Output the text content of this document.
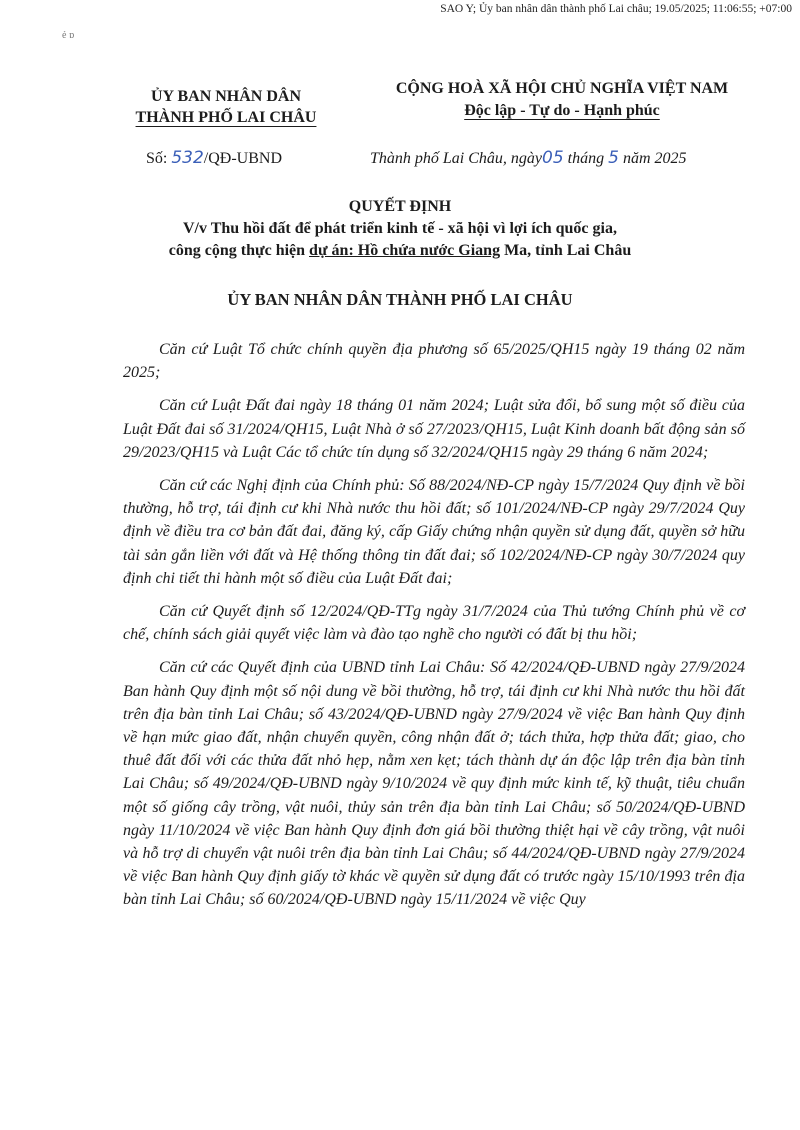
SAO Y; Ủy ban nhân dân thành phố Lai châu; 19.05/2025; 11:06:55; +07:00
ẻ ɒ
ỦY BAN NHÂN DÂN
THÀNH PHỐ LAI CHÂU
CỘNG HOÀ XÃ HỘI CHỦ NGHĨA VIỆT NAM
Độc lập - Tự do - Hạnh phúc
Số: 532/QĐ-UBND	Thành phố Lai Châu, ngày05 tháng 5 năm 2025
QUYẾT ĐỊNH
V/v Thu hồi đất để phát triển kinh tế - xã hội vì lợi ích quốc gia,
công cộng thực hiện dự án: Hồ chứa nước Giang Ma, tỉnh Lai Châu
ỦY BAN NHÂN DÂN THÀNH PHỐ LAI CHÂU

Căn cứ Luật Tổ chức chính quyền địa phương số 65/2025/QH15 ngày 19 tháng 02 năm 2025;

Căn cứ Luật Đất đai ngày 18 tháng 01 năm 2024; Luật sửa đổi, bổ sung một số điều của Luật Đất đai số 31/2024/QH15, Luật Nhà ở số 27/2023/QH15, Luật Kinh doanh bất động sản số 29/2023/QH15 và Luật Các tổ chức tín dụng số 32/2024/QH15 ngày 29 tháng 6 năm 2024;

Căn cứ các Nghị định của Chính phủ: Số 88/2024/NĐ-CP ngày 15/7/2024 Quy định về bồi thường, hỗ trợ, tái định cư khi Nhà nước thu hồi đất; số 101/2024/NĐ-CP ngày 29/7/2024 Quy định về điều tra cơ bản đất đai, đăng ký, cấp Giấy chứng nhận quyền sử dụng đất, quyền sở hữu tài sản gắn liền với đất và Hệ thống thông tin đất đai; số 102/2024/NĐ-CP ngày 30/7/2024 quy định chi tiết thi hành một số điều của Luật Đất đai;

Căn cứ Quyết định số 12/2024/QĐ-TTg ngày 31/7/2024 của Thủ tướng Chính phủ về cơ chế, chính sách giải quyết việc làm và đào tạo nghề cho người có đất bị thu hồi;

Căn cứ các Quyết định của UBND tỉnh Lai Châu: Số 42/2024/QĐ-UBND ngày 27/9/2024 Ban hành Quy định một số nội dung về bồi thường, hỗ trợ, tái định cư khi Nhà nước thu hồi đất trên địa bàn tỉnh Lai Châu; số 43/2024/QĐ-UBND ngày 27/9/2024 về việc Ban hành Quy định về hạn mức giao đất, nhận chuyển quyền, công nhận đất ở; tách thửa, hợp thửa đất; giao, cho thuê đất đối với các thửa đất nhỏ hẹp, nằm xen kẹt; tách thành dự án độc lập trên địa bàn tỉnh Lai Châu; số 49/2024/QĐ-UBND ngày 9/10/2024 về quy định mức kinh tế, kỹ thuật, tiêu chuẩn một số giống cây trồng, vật nuôi, thủy sản trên địa bàn tỉnh Lai Châu; số 50/2024/QĐ-UBND ngày 11/10/2024 về việc Ban hành Quy định đơn giá bồi thường thiệt hại về cây trồng, vật nuôi và hỗ trợ di chuyển vật nuôi trên địa bàn tỉnh Lai Châu; số 44/2024/QĐ-UBND ngày 27/9/2024 về việc Ban hành Quy định giấy tờ khác về quyền sử dụng đất có trước ngày 15/10/1993 trên địa bàn tỉnh Lai Châu; số 60/2024/QĐ-UBND ngày 15/11/2024 về việc Quy
